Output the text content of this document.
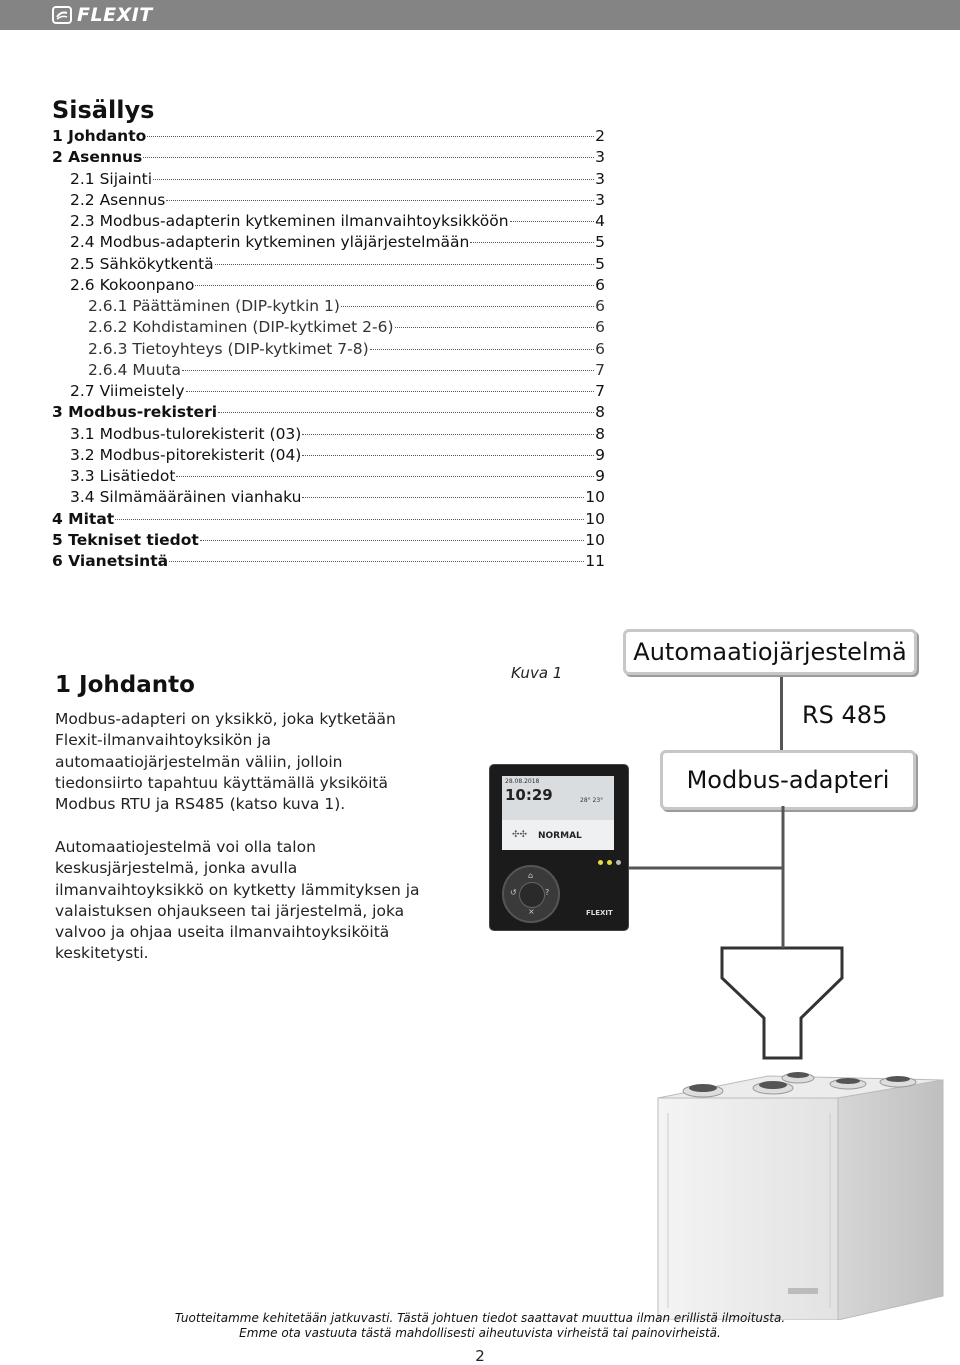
FLEXIT
Sisällys
1 Johdanto	2
2 Asennus	3
2.1 Sijainti	3
2.2 Asennus	3
2.3 Modbus-adapterin kytkeminen ilmanvaihtoyksikköön	4
2.4 Modbus-adapterin kytkeminen yläjärjestelmään	5
2.5 Sähkökytkentä	5
2.6 Kokoonpano	6
2.6.1 Päättäminen (DIP-kytkin 1)	6
2.6.2 Kohdistaminen (DIP-kytkimet 2-6)	6
2.6.3 Tietoyhteys (DIP-kytkimet 7-8)	6
2.6.4 Muuta	7
2.7 Viimeistely	7
3 Modbus-rekisteri	8
3.1 Modbus-tulorekisterit (03)	8
3.2 Modbus-pitorekisterit (04)	9
3.3 Lisätiedot	9
3.4 Silmämääräinen vianhaku	10
4 Mitat	10
5 Tekniset tiedot	10
6 Vianetsintä	11
1 Johdanto

Modbus-adapteri on yksikkö, joka kytketään Flexit-ilmanvaihtoyksikön ja automaatiojärjestelmän väliin, jolloin tiedonsiirto tapahtuu käyttämällä yksiköitä Modbus RTU ja RS485 (katso kuva 1).

Automaatiojestelmä voi olla talon keskusjärjestelmä, jonka avulla ilmanvaihtoyksikkö on kytketty lämmityksen ja valaistuksen ohjaukseen tai järjestelmä, joka valvoo ja ohjaa useita ilmanvaihtoyksiköitä keskitetysti.

Kuva 1
Automaatiojärjestelmä
RS 485
Modbus-adapteri
28.08.2018
10:29	28° 23°
✣✣ NORMAL
↺	?
⌂
×	FLEXIT
Tuotteitamme kehitetään jatkuvasti. Tästä johtuen tiedot saattavat muuttua ilman erillistä ilmoitusta.
Emme ota vastuuta tästä mahdollisesti aiheutuvista virheistä tai painovirheistä.
2
